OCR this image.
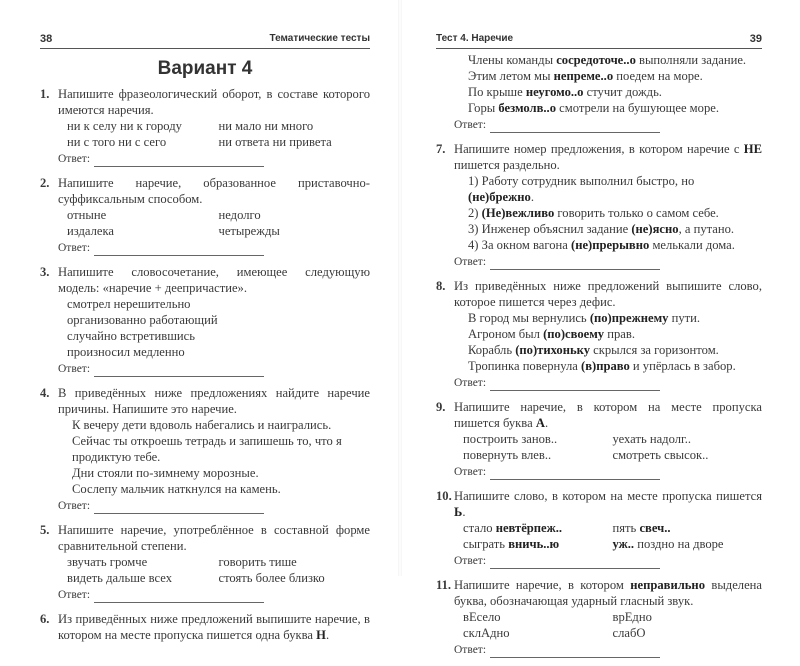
38	Тематические тесты
Вариант 4
1. Напишите фразеологический оборот, в составе которого имеются наречия.
ни к селу ни к городу	ни мало ни много
ни с того ни с сего	ни ответа ни привета
Ответ:
2. Напишите наречие, образованное приставочно-суффиксальным способом.
отныне	недолго
издалека	четырежды
Ответ:
3. Напишите словосочетание, имеющее следующую модель: «наречие + деепричастие».
смотрел нерешительно
организованно работающий
случайно встретившись
произносил медленно
Ответ:
4. В приведённых ниже предложениях найдите наречие причины. Напишите это наречие.
К вечеру дети вдоволь набегались и наигрались.
Сейчас ты откроешь тетрадь и запишешь то, что я продиктую тебе.
Дни стояли по-зимнему морозные.
Сослепу мальчик наткнулся на камень.
Ответ:
5. Напишите наречие, употреблённое в составной форме сравнительной степени.
звучать громче	говорить тише
видеть дальше всех	стоять более близко
Ответ:
6. Из приведённых ниже предложений выпишите наречие, в котором на месте пропуска пишется одна буква Н.
Тест 4. Наречие	39
Члены команды сосредоточе..о выполняли задание.
Этим летом мы непреме..о поедем на море.
По крыше неугомо..о стучит дождь.
Горы безмолв..о смотрели на бушующее море.
Ответ:
7. Напишите номер предложения, в котором наречие с НЕ пишется раздельно.
1) Работу сотрудник выполнил быстро, но (не)брежно.
2) (Не)вежливо говорить только о самом себе.
3) Инженер объяснил задание (не)ясно, а путано.
4) За окном вагона (не)прерывно мелькали дома.
Ответ:
8. Из приведённых ниже предложений выпишите слово, которое пишется через дефис.
В город мы вернулись (по)прежнему пути.
Агроном был (по)своему прав.
Корабль (по)тихоньку скрылся за горизонтом.
Тропинка повернула (в)право и упёрлась в забор.
Ответ:
9. Напишите наречие, в котором на месте пропуска пишется буква А.
построить занов..	уехать надолг..
повернуть влев..	смотреть свысок..
Ответ:
10. Напишите слово, в котором на месте пропуска пишется Ь.
стало невтёрпеж..	пять свеч..
сыграть вничь..ю	уж.. поздно на дворе
Ответ:
11. Напишите наречие, в котором неправильно выделена буква, обозначающая ударный гласный звук.
вЕсело	врЕдно
склАдно	слабО
Ответ:
